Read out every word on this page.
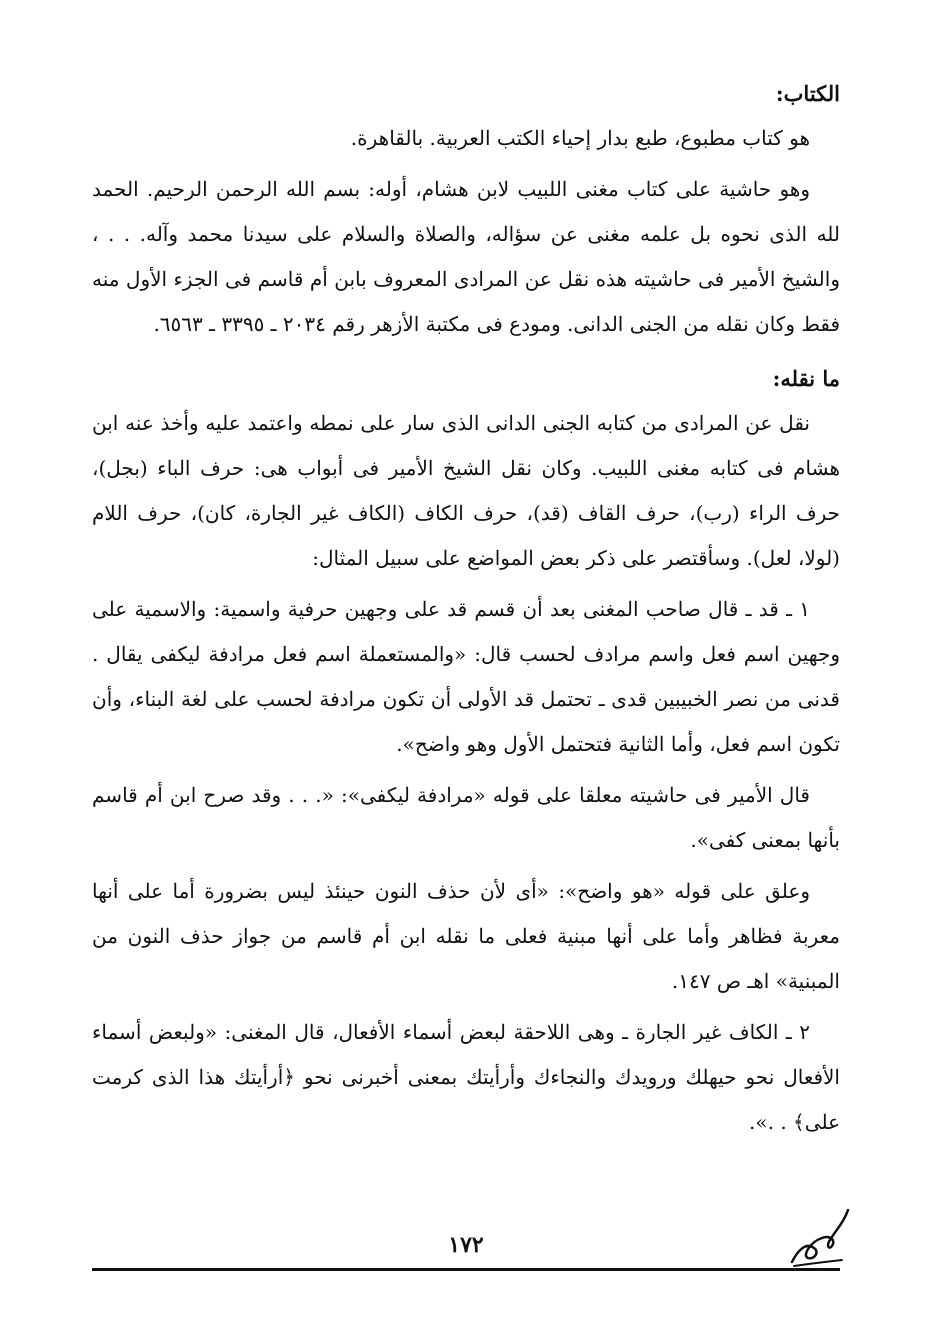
الكتاب:

هو كتاب مطبوع، طبع بدار إحياء الكتب العربية. بالقاهرة.

وهو حاشية على كتاب مغنى اللبيب لابن هشام، أوله: بسم الله الرحمن الرحيم. الحمد لله الذى نحوه بل علمه مغنى عن سؤاله، والصلاة والسلام على سيدنا محمد وآله. . . ، والشيخ الأمير فى حاشيته هذه نقل عن المرادى المعروف بابن أم قاسم فى الجزء الأول منه فقط وكان نقله من الجنى الدانى. ومودع فى مكتبة الأزهر رقم ٢٠٣٤ ـ ٣٣٩٥ ـ ٦٥٦٣.

ما نقله:

نقل عن المرادى من كتابه الجنى الدانى الذى سار على نمطه واعتمد عليه وأخذ عنه ابن هشام فى كتابه مغنى اللبيب. وكان نقل الشيخ الأمير فى أبواب هى: حرف الباء (بجل)، حرف الراء (رب)، حرف القاف (قد)، حرف الكاف (الكاف غير الجارة، كان)، حرف اللام (لولا، لعل). وسأقتصر على ذكر بعض المواضع على سبيل المثال:

١ ـ قد ـ قال صاحب المغنى بعد أن قسم قد على وجهين حرفية واسمية: والاسمية على وجهين اسم فعل واسم مرادف لحسب قال: «والمستعملة اسم فعل مرادفة ليكفى يقال . قدنى من نصر الخبيبين قدى ـ تحتمل قد الأولى أن تكون مرادفة لحسب على لغة البناء، وأن تكون اسم فعل، وأما الثانية فتحتمل الأول وهو واضح».

قال الأمير فى حاشيته معلقا على قوله «مرادفة ليكفى»: «. . . وقد صرح ابن أم قاسم بأنها بمعنى كفى».

وعلق على قوله «هو واضح»: «أى لأن حذف النون حينئذ ليس بضرورة أما على أنها معربة فظاهر وأما على أنها مبنية فعلى ما نقله ابن أم قاسم من جواز حذف النون من المبنية» اهـ ص ١٤٧.

٢ ـ الكاف غير الجارة ـ وهى اللاحقة لبعض أسماء الأفعال، قال المغنى: «ولبعض أسماء الأفعال نحو حيهلك ورويدك والنجاءك وأرأيتك بمعنى أخبرنى نحو ﴿أرأيتك هذا الذى كرمت على﴾ . .».

١٧٢
